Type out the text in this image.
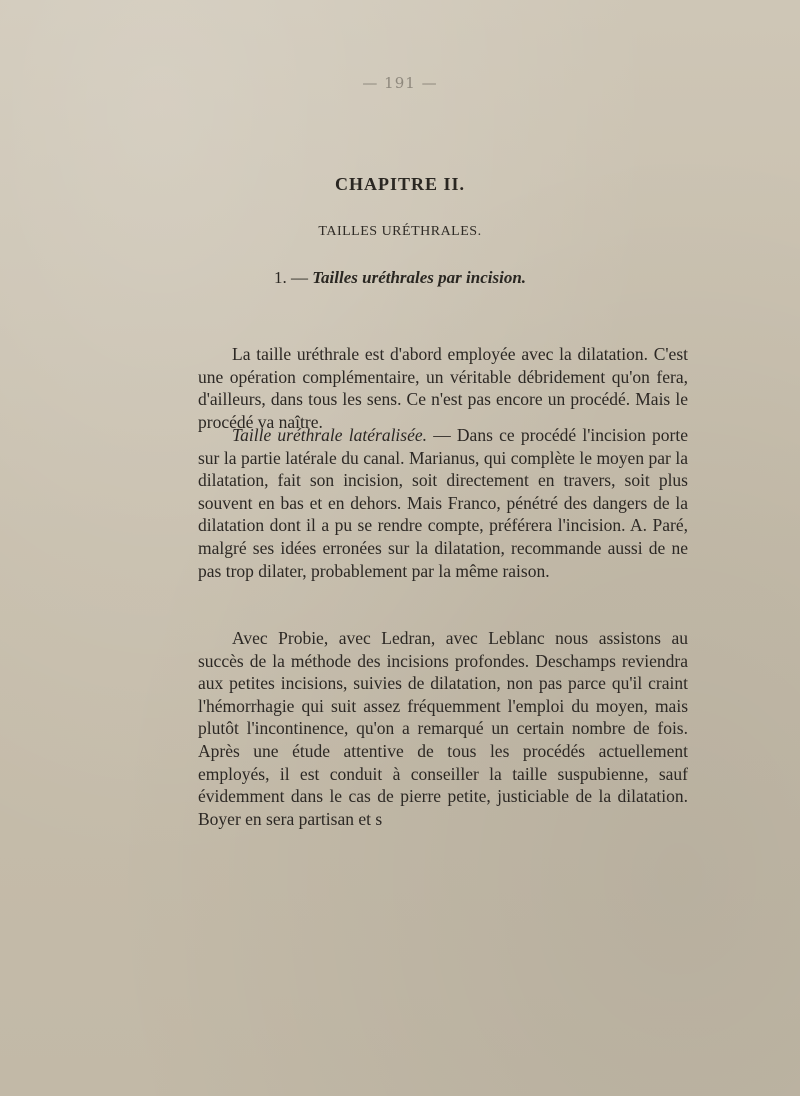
— 191 —
CHAPITRE II.
TAILLES URÉTHRALES.
1. — Tailles uréthrales par incision.

La taille uréthrale est d'abord employée avec la dilatation. C'est une opération complémentaire, un véritable débridement qu'on fera, d'ailleurs, dans tous les sens. Ce n'est pas encore un procédé. Mais le procédé va naître.

Taille uréthrale latéralisée. — Dans ce procédé l'incision porte sur la partie latérale du canal. Marianus, qui complète le moyen par la dilatation, fait son incision, soit directement en travers, soit plus souvent en bas et en dehors. Mais Franco, pénétré des dangers de la dilatation dont il a pu se rendre compte, préférera l'incision. A. Paré, malgré ses idées erronées sur la dilatation, recommande aussi de ne pas trop dilater, probablement par la même raison.

Avec Probie, avec Ledran, avec Leblanc nous assistons au succès de la méthode des incisions profondes. Deschamps reviendra aux petites incisions, suivies de dilatation, non pas parce qu'il craint l'hémorrhagie qui suit assez fréquemment l'emploi du moyen, mais plutôt l'incontinence, qu'on a remarqué un certain nombre de fois. Après une étude attentive de tous les procédés actuellement employés, il est conduit à conseiller la taille suspubienne, sauf évidemment dans le cas de pierre petite, justiciable de la dilatation. Boyer en sera partisan et s
